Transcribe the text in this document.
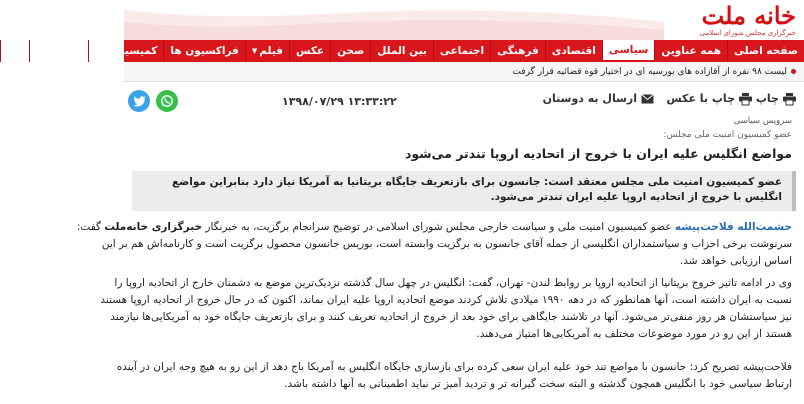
خانه ملت
خبرگزاری مجلس شورای اسلامی
صفحه اصلی
همه عناوین
سیاسی
اقتصادی
فرهنگی
اجتماعی
بین الملل
صحن
عکس
فیلم
▼
فراکسیون ها
کمیسیون ها
استان ها
هیا
لیست ۹۸ نفره از آقازاده های بورسیه ای در اختیار قوه قضائیه قرار گرفت
چاپ
چاپ با عکس
ارسال به دوستان
۱۳۹۸/۰۷/۲۹ ۱۳:۳۳:۲۲
سرویس سیاسی
عضو کمیسیون امنیت ملی مجلس:
مواضع انگلیس علیه ایران با خروج از اتحادیه اروپا تندتر می‌شود
عضو کمیسیون امنیت ملی مجلس معتقد است: جانسون برای بازتعریف جایگاه بریتانیا به آمریکا نیاز دارد بنابراین مواضع انگلیس با خروج از اتحادیه اروپا علیه ایران تندتر می‌شود.
حشمت‌الله فلاحت‌پیشه عضو کمیسیون امنیت ملی و سیاست خارجی مجلس شورای اسلامی در توضیح سرانجام برگزیت، به خبرنگار خبرگزاری خانه‌ملت گفت:
سرنوشت برخی احزاب و سیاستمداران انگلیسی از جمله آقای جانسون به برگزیت وابسته است، بوریس جانسون محصول برگزیت است و کارنامه‌اش هم بر این
اساس ارزیابی خواهد شد.
وی در ادامه تاثیر خروج بریتانیا از اتحادیه اروپا بر روابط لندن- تهران، گفت: انگلیس در چهل سال گذشته نزدیک‌ترین موضع به دشمنان خارج از اتحادیه اروپا را
نسبت به ایران داشته است، آنها همانطور که در دهه ۱۹۹۰ میلادی تلاش کردند موضع اتحادیه اروپا علیه ایران بماند، اکنون که در حال خروج از اتحادیه اروپا هستند
نیز سیاستشان هر روز منفی‌تر می‌شود. آنها در تلاشند جایگاهی برای خود بعد از خروج از اتحادیه تعریف کنند و برای بازتعریف جایگاه خود به آمریکایی‌ها نیازمند
هستند از این رو در مورد موضوعات مختلف به آمریکایی‌ها امتیاز می‌دهند.
فلاحت‌پیشه تصریح کرد: جانسون با مواضع تند خود علیه ایران سعی کرده برای بازسازی جایگاه انگلیس به آمریکا باج دهد از این رو به هیچ وجه ایران در آینده
ارتباط سیاسی خود با انگلیس همچون گذشته و البته سخت گیرانه تر و تردید آمیز تر نباید اطمینانی به آنها داشته باشد.
